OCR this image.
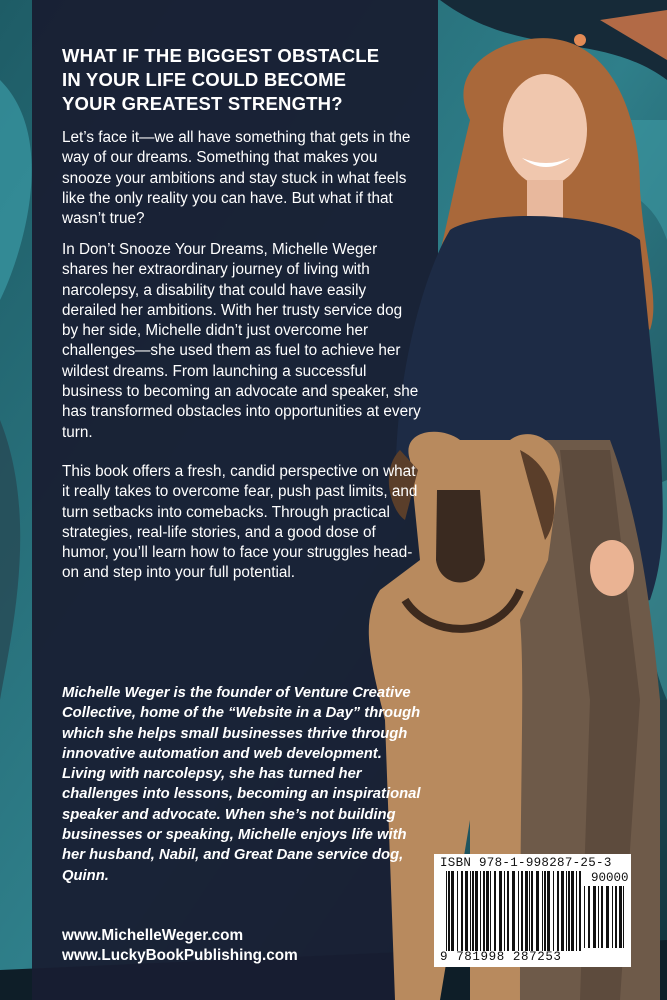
WHAT IF THE BIGGEST OBSTACLE IN YOUR LIFE COULD BECOME YOUR GREATEST STRENGTH?

Let’s face it—we all have something that gets in the way of our dreams. Something that makes you snooze your ambitions and stay stuck in what feels like the only reality you can have. But what if that wasn’t true?

In Don’t Snooze Your Dreams, Michelle Weger shares her extraordinary journey of living with narcolepsy, a disability that could have easily derailed her ambitions. With her trusty service dog by her side, Michelle didn’t just overcome her challenges—she used them as fuel to achieve her wildest dreams. From launching a successful business to becoming an advocate and speaker, she has transformed obstacles into opportunities at every turn.

This book offers a fresh, candid perspective on what it really takes to overcome fear, push past limits, and turn setbacks into comebacks. Through practical strategies, real-life stories, and a good dose of humor, you’ll learn how to face your struggles head-on and step into your full potential.

Michelle Weger is the founder of Venture Creative Collective, home of the “Website in a Day” through which she helps small businesses thrive through innovative automation and web development. Living with narcolepsy, she has turned her challenges into lessons, becoming an inspirational speaker and advocate. When she’s not building businesses or speaking, Michelle enjoys life with her husband, Nabil, and Great Dane service dog, Quinn.

www.MichelleWeger.com

www.LuckyBookPublishing.com

ISBN 978-1-998287-25-3
90000
9 781998 287253
